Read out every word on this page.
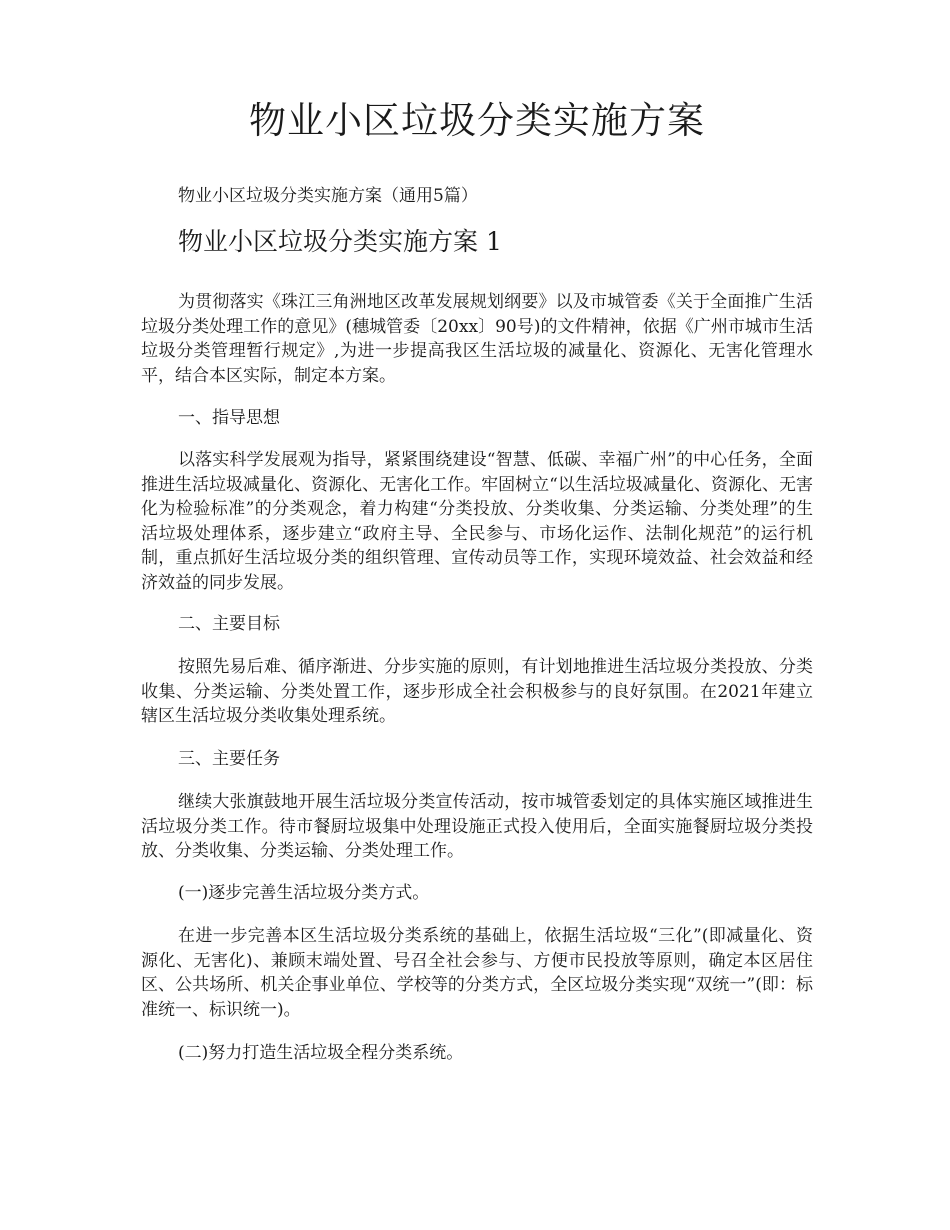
物业小区垃圾分类实施方案

物业小区垃圾分类实施方案（通用5篇）

物业小区垃圾分类实施方案 1

为贯彻落实《珠江三角洲地区改革发展规划纲要》以及市城管委《关于全面推广生活垃圾分类处理工作的意见》(穗城管委〔20xx〕90号)的文件精神，依据《广州市城市生活垃圾分类管理暂行规定》,为进一步提高我区生活垃圾的减量化、资源化、无害化管理水平，结合本区实际，制定本方案。

一、指导思想

以落实科学发展观为指导，紧紧围绕建设“智慧、低碳、幸福广州”的中心任务，全面推进生活垃圾减量化、资源化、无害化工作。牢固树立“以生活垃圾减量化、资源化、无害化为检验标准”的分类观念，着力构建“分类投放、分类收集、分类运输、分类处理”的生活垃圾处理体系，逐步建立“政府主导、全民参与、市场化运作、法制化规范”的运行机制，重点抓好生活垃圾分类的组织管理、宣传动员等工作，实现环境效益、社会效益和经济效益的同步发展。

二、主要目标

按照先易后难、循序渐进、分步实施的原则，有计划地推进生活垃圾分类投放、分类收集、分类运输、分类处置工作，逐步形成全社会积极参与的良好氛围。在2021年建立辖区生活垃圾分类收集处理系统。

三、主要任务

继续大张旗鼓地开展生活垃圾分类宣传活动，按市城管委划定的具体实施区域推进生活垃圾分类工作。待市餐厨垃圾集中处理设施正式投入使用后，全面实施餐厨垃圾分类投放、分类收集、分类运输、分类处理工作。

(一)逐步完善生活垃圾分类方式。

在进一步完善本区生活垃圾分类系统的基础上，依据生活垃圾“三化”(即减量化、资源化、无害化)、兼顾末端处置、号召全社会参与、方便市民投放等原则，确定本区居住区、公共场所、机关企事业单位、学校等的分类方式，全区垃圾分类实现“双统一”(即：标准统一、标识统一)。

(二)努力打造生活垃圾全程分类系统。
